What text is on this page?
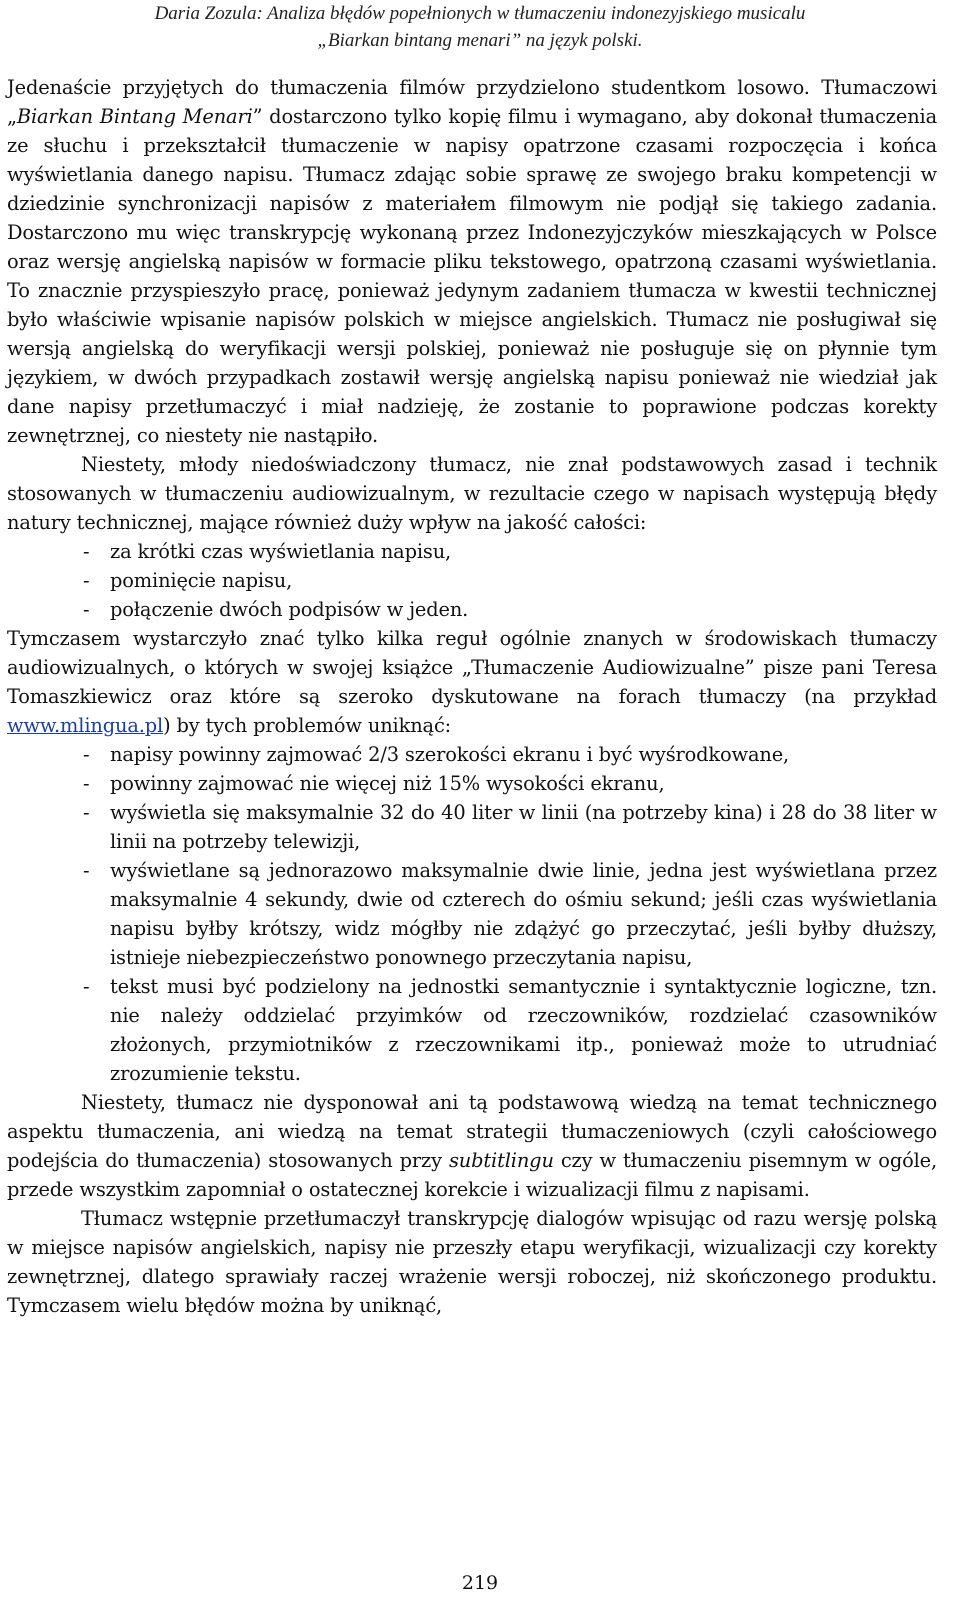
Daria Zozula: Analiza błędów popełnionych w tłumaczeniu indonezyjskiego musicalu
„Biarkan bintang menari” na język polski.

Jedenaście przyjętych do tłumaczenia filmów przydzielono studentkom losowo. Tłumaczowi „Biarkan Bintang Menari” dostarczono tylko kopię filmu i wymagano, aby dokonał tłumaczenia ze słuchu i przekształcił tłumaczenie w napisy opatrzone czasami rozpoczęcia i końca wyświetlania danego napisu. Tłumacz zdając sobie sprawę ze swojego braku kompetencji w dziedzinie synchronizacji napisów z materiałem filmowym nie podjął się takiego zadania. Dostarczono mu więc transkrypcję wykonaną przez Indonezyjczyków mieszkających w Polsce oraz wersję angielską napisów w formacie pliku tekstowego, opatrzoną czasami wyświetlania. To znacznie przyspieszyło pracę, ponieważ jedynym zadaniem tłumacza w kwestii technicznej było właściwie wpisanie napisów polskich w miejsce angielskich. Tłumacz nie posługiwał się wersją angielską do weryfikacji wersji polskiej, ponieważ nie posługuje się on płynnie tym językiem, w dwóch przypadkach zostawił wersję angielską napisu ponieważ nie wiedział jak dane napisy przetłumaczyć i miał nadzieję, że zostanie to poprawione podczas korekty zewnętrznej, co niestety nie nastąpiło.

Niestety, młody niedoświadczony tłumacz, nie znał podstawowych zasad i technik stosowanych w tłumaczeniu audiowizualnym, w rezultacie czego w napisach występują błędy natury technicznej, mające również duży wpływ na jakość całości:

- za krótki czas wyświetlania napisu,
- pominięcie napisu,
- połączenie dwóch podpisów w jeden.

Tymczasem wystarczyło znać tylko kilka reguł ogólnie znanych w środowiskach tłumaczy audiowizualnych, o których w swojej książce „Tłumaczenie Audiowizualne” pisze pani Teresa Tomaszkiewicz oraz które są szeroko dyskutowane na forach tłumaczy (na przykład www.mlingua.pl) by tych problemów uniknąć:

- napisy powinny zajmować 2/3 szerokości ekranu i być wyśrodkowane,
- powinny zajmować nie więcej niż 15% wysokości ekranu,
- wyświetla się maksymalnie 32 do 40 liter w linii (na potrzeby kina) i 28 do 38 liter w linii na potrzeby telewizji,
- wyświetlane są jednorazowo maksymalnie dwie linie, jedna jest wyświetlana przez maksymalnie 4 sekundy, dwie od czterech do ośmiu sekund; jeśli czas wyświetlania napisu byłby krótszy, widz mógłby nie zdążyć go przeczytać, jeśli byłby dłuższy, istnieje niebezpieczeństwo ponownego przeczytania napisu,
- tekst musi być podzielony na jednostki semantycznie i syntaktycznie logiczne, tzn. nie należy oddzielać przyimków od rzeczowników, rozdzielać czasowników złożonych, przymiotników z rzeczownikami itp., ponieważ może to utrudniać zrozumienie tekstu.

Niestety, tłumacz nie dysponował ani tą podstawową wiedzą na temat technicznego aspektu tłumaczenia, ani wiedzą na temat strategii tłumaczeniowych (czyli całościowego podejścia do tłumaczenia) stosowanych przy subtitlingu czy w tłumaczeniu pisemnym w ogóle, przede wszystkim zapomniał o ostatecznej korekcie i wizualizacji filmu z napisami.

Tłumacz wstępnie przetłumaczył transkrypcję dialogów wpisując od razu wersję polską w miejsce napisów angielskich, napisy nie przeszły etapu weryfikacji, wizualizacji czy korekty zewnętrznej, dlatego sprawiały raczej wrażenie wersji roboczej, niż skończonego produktu. Tymczasem wielu błędów można by uniknąć,

219
